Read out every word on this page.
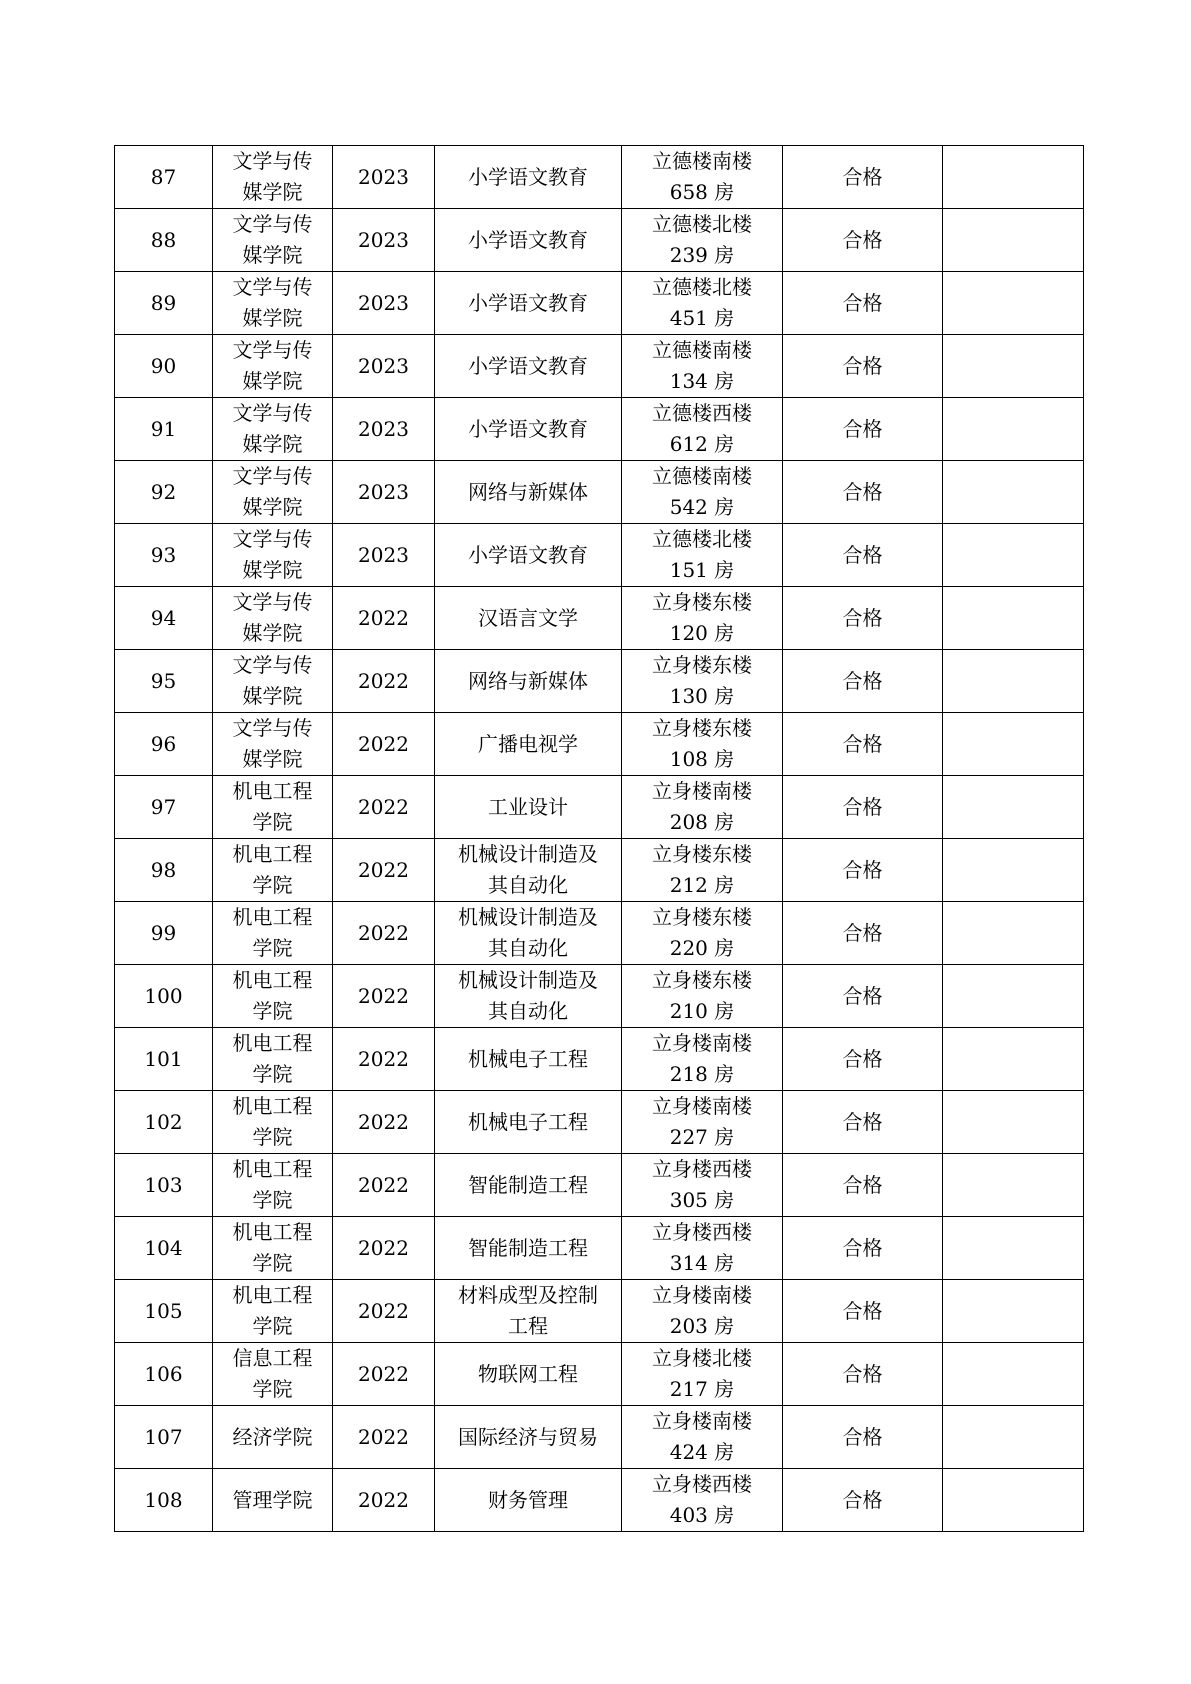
87	文学与传
媒学院	2023	小学语文教育	立德楼南楼
658 房	合格	
88	文学与传
媒学院	2023	小学语文教育	立德楼北楼
239 房	合格	
89	文学与传
媒学院	2023	小学语文教育	立德楼北楼
451 房	合格	
90	文学与传
媒学院	2023	小学语文教育	立德楼南楼
134 房	合格	
91	文学与传
媒学院	2023	小学语文教育	立德楼西楼
612 房	合格	
92	文学与传
媒学院	2023	网络与新媒体	立德楼南楼
542 房	合格	
93	文学与传
媒学院	2023	小学语文教育	立德楼北楼
151 房	合格	
94	文学与传
媒学院	2022	汉语言文学	立身楼东楼
120 房	合格	
95	文学与传
媒学院	2022	网络与新媒体	立身楼东楼
130 房	合格	
96	文学与传
媒学院	2022	广播电视学	立身楼东楼
108 房	合格	
97	机电工程
学院	2022	工业设计	立身楼南楼
208 房	合格	
98	机电工程
学院	2022	机械设计制造及
其自动化	立身楼东楼
212 房	合格	
99	机电工程
学院	2022	机械设计制造及
其自动化	立身楼东楼
220 房	合格	
100	机电工程
学院	2022	机械设计制造及
其自动化	立身楼东楼
210 房	合格	
101	机电工程
学院	2022	机械电子工程	立身楼南楼
218 房	合格	
102	机电工程
学院	2022	机械电子工程	立身楼南楼
227 房	合格	
103	机电工程
学院	2022	智能制造工程	立身楼西楼
305 房	合格	
104	机电工程
学院	2022	智能制造工程	立身楼西楼
314 房	合格	
105	机电工程
学院	2022	材料成型及控制
工程	立身楼南楼
203 房	合格	
106	信息工程
学院	2022	物联网工程	立身楼北楼
217 房	合格	
107	经济学院	2022	国际经济与贸易	立身楼南楼
424 房	合格	
108	管理学院	2022	财务管理	立身楼西楼
403 房	合格	
